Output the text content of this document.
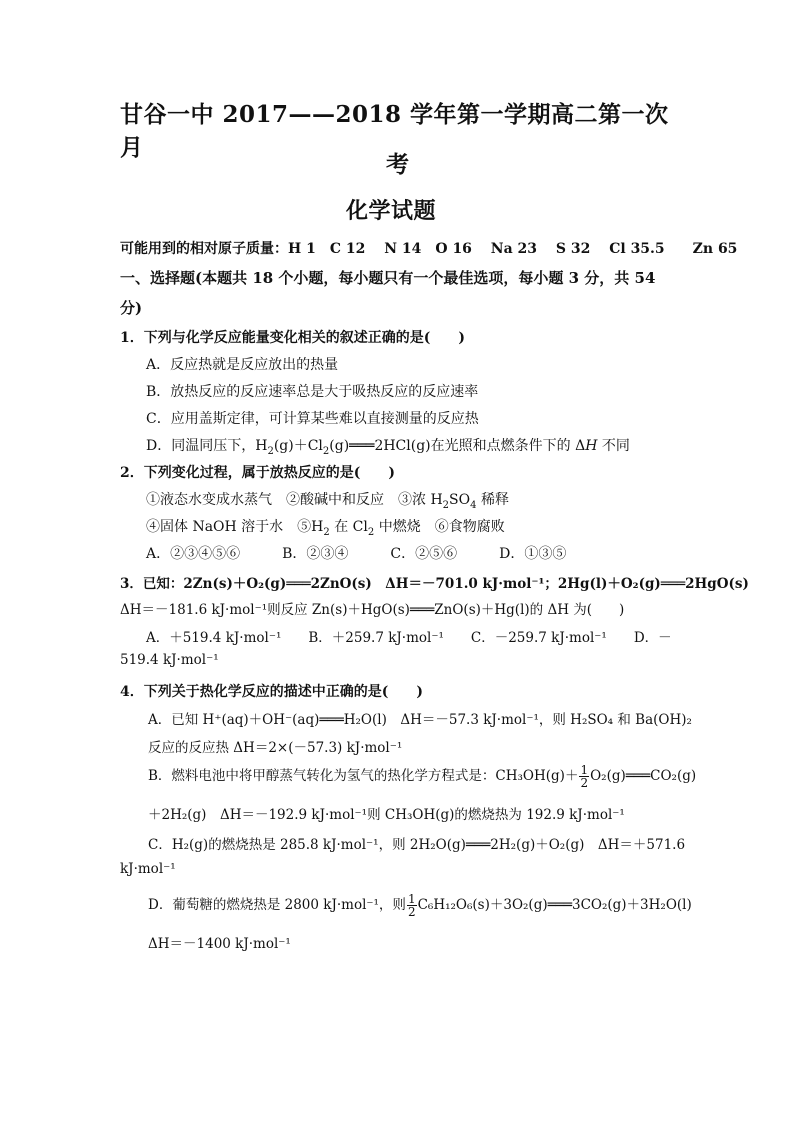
甘谷一中 2017——2018 学年第一学期高二第一次月
考
化学试题
可能用到的相对原子质量：H 1　C 12　 N 14　O 16　 Na 23　 S 32　 Cl 35.5　　Zn 65
一、选择题(本题共 18 个小题，每小题只有一个最佳选项，每小题 3 分，共 54
分)
1．下列与化学反应能量变化相关的叙述正确的是(　　)
A．反应热就是反应放出的热量
B．放热反应的反应速率总是大于吸热反应的反应速率
C．应用盖斯定律，可计算某些难以直接测量的反应热
D．同温同压下，$H_2(g)+Cl_2(g)═══2HCl(g)$在光照和点燃条件下的 ΔH 不同
2．下列变化过程，属于放热反应的是(　　)
①液态水变成水蒸气　②酸碱中和反应　③浓 $H_2SO_4$ 稀释
④固体 NaOH 溶于水　$⑤H_2$ 在 $Cl_2$ 中燃烧　⑥食物腐败
A．②③④⑤⑥　　　B．②③④　　　C．②⑤⑥　　　D．①③⑤
3．已知：2Zn(s)＋O₂(g)═══2ZnO(s)　ΔH＝－701.0 kJ·mol⁻¹；2Hg(l)＋O₂(g)═══2HgO(s)
ΔH＝－181.6 kJ·mol⁻¹则反应 Zn(s)＋HgO(s)═══ZnO(s)＋Hg(l)的 ΔH 为(　　)
A．＋519.4 kJ·mol⁻¹　　B．＋259.7 kJ·mol⁻¹　　C．－259.7 kJ·mol⁻¹　　D．－
519.4 kJ·mol⁻¹
4．下列关于热化学反应的描述中正确的是(　　)
A．已知 H⁺(aq)＋OH⁻(aq)═══H₂O(l)　ΔH＝－57.3 kJ·mol⁻¹，则 H₂SO₄ 和 Ba(OH)₂
反应的反应热 ΔH＝2×(－57.3) kJ·mol⁻¹
B．燃料电池中将甲醇蒸气转化为氢气的热化学方程式是：$CH_3OH(g)+ \frac{1}{2}$ O₂(g)═══CO₂(g)
＋2H₂(g)　ΔH＝－192.9 kJ·mol⁻¹则 CH₃OH(g)的燃烧热为 192.9 kJ·mol⁻¹
C．H₂(g)的燃烧热是 285.8 kJ·mol⁻¹，则 2H₂O(g)═══2H₂(g)＋O₂(g)　ΔH＝＋571.6
kJ·mol⁻¹
D．葡萄糖的燃烧热是 2800 kJ·mol⁻¹，则 $\frac{1}{2}$ C₆H₁₂O₆(s)＋3O₂(g)═══3CO₂(g)＋3H₂O(l)
ΔH＝－1400 kJ·mol⁻¹
